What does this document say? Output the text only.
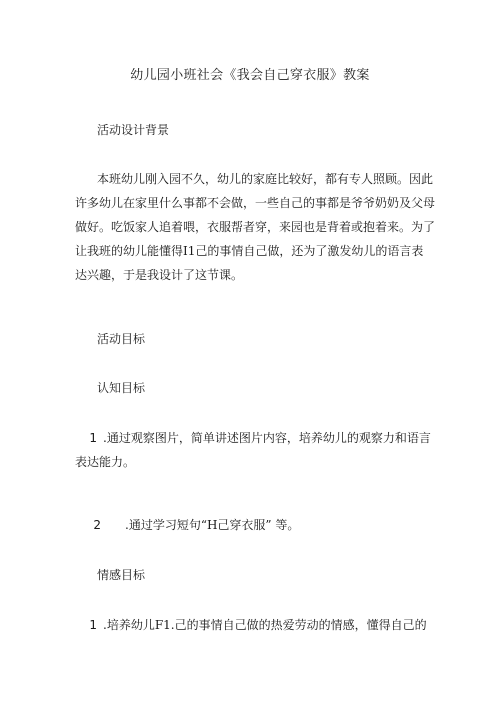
幼儿园小班社会《我会自己穿衣服》教案
活动设计背景

本班幼儿刚入园不久，幼儿的家庭比较好，都有专人照顾。因此许多幼儿在家里什么事都不会做，一些自己的事都是爷爷奶奶及父母做好。吃饭家人追着喂，衣服帮者穿，来园也是背着或抱着来。为了让我班的幼儿能懂得I1己的事情自己做，还为了激发幼儿的语言表达兴趣，于是我设计了这节课。

活动目标
认知目标
1 .通过观察图片，简单讲述图片内容，培养幼儿的观察力和语言表达能力。
2 .通过学习短句“H己穿衣服” 等。
情感目标
1 .培养幼儿F1.己的事情自己做的热爱劳动的情感，懂得自己的
